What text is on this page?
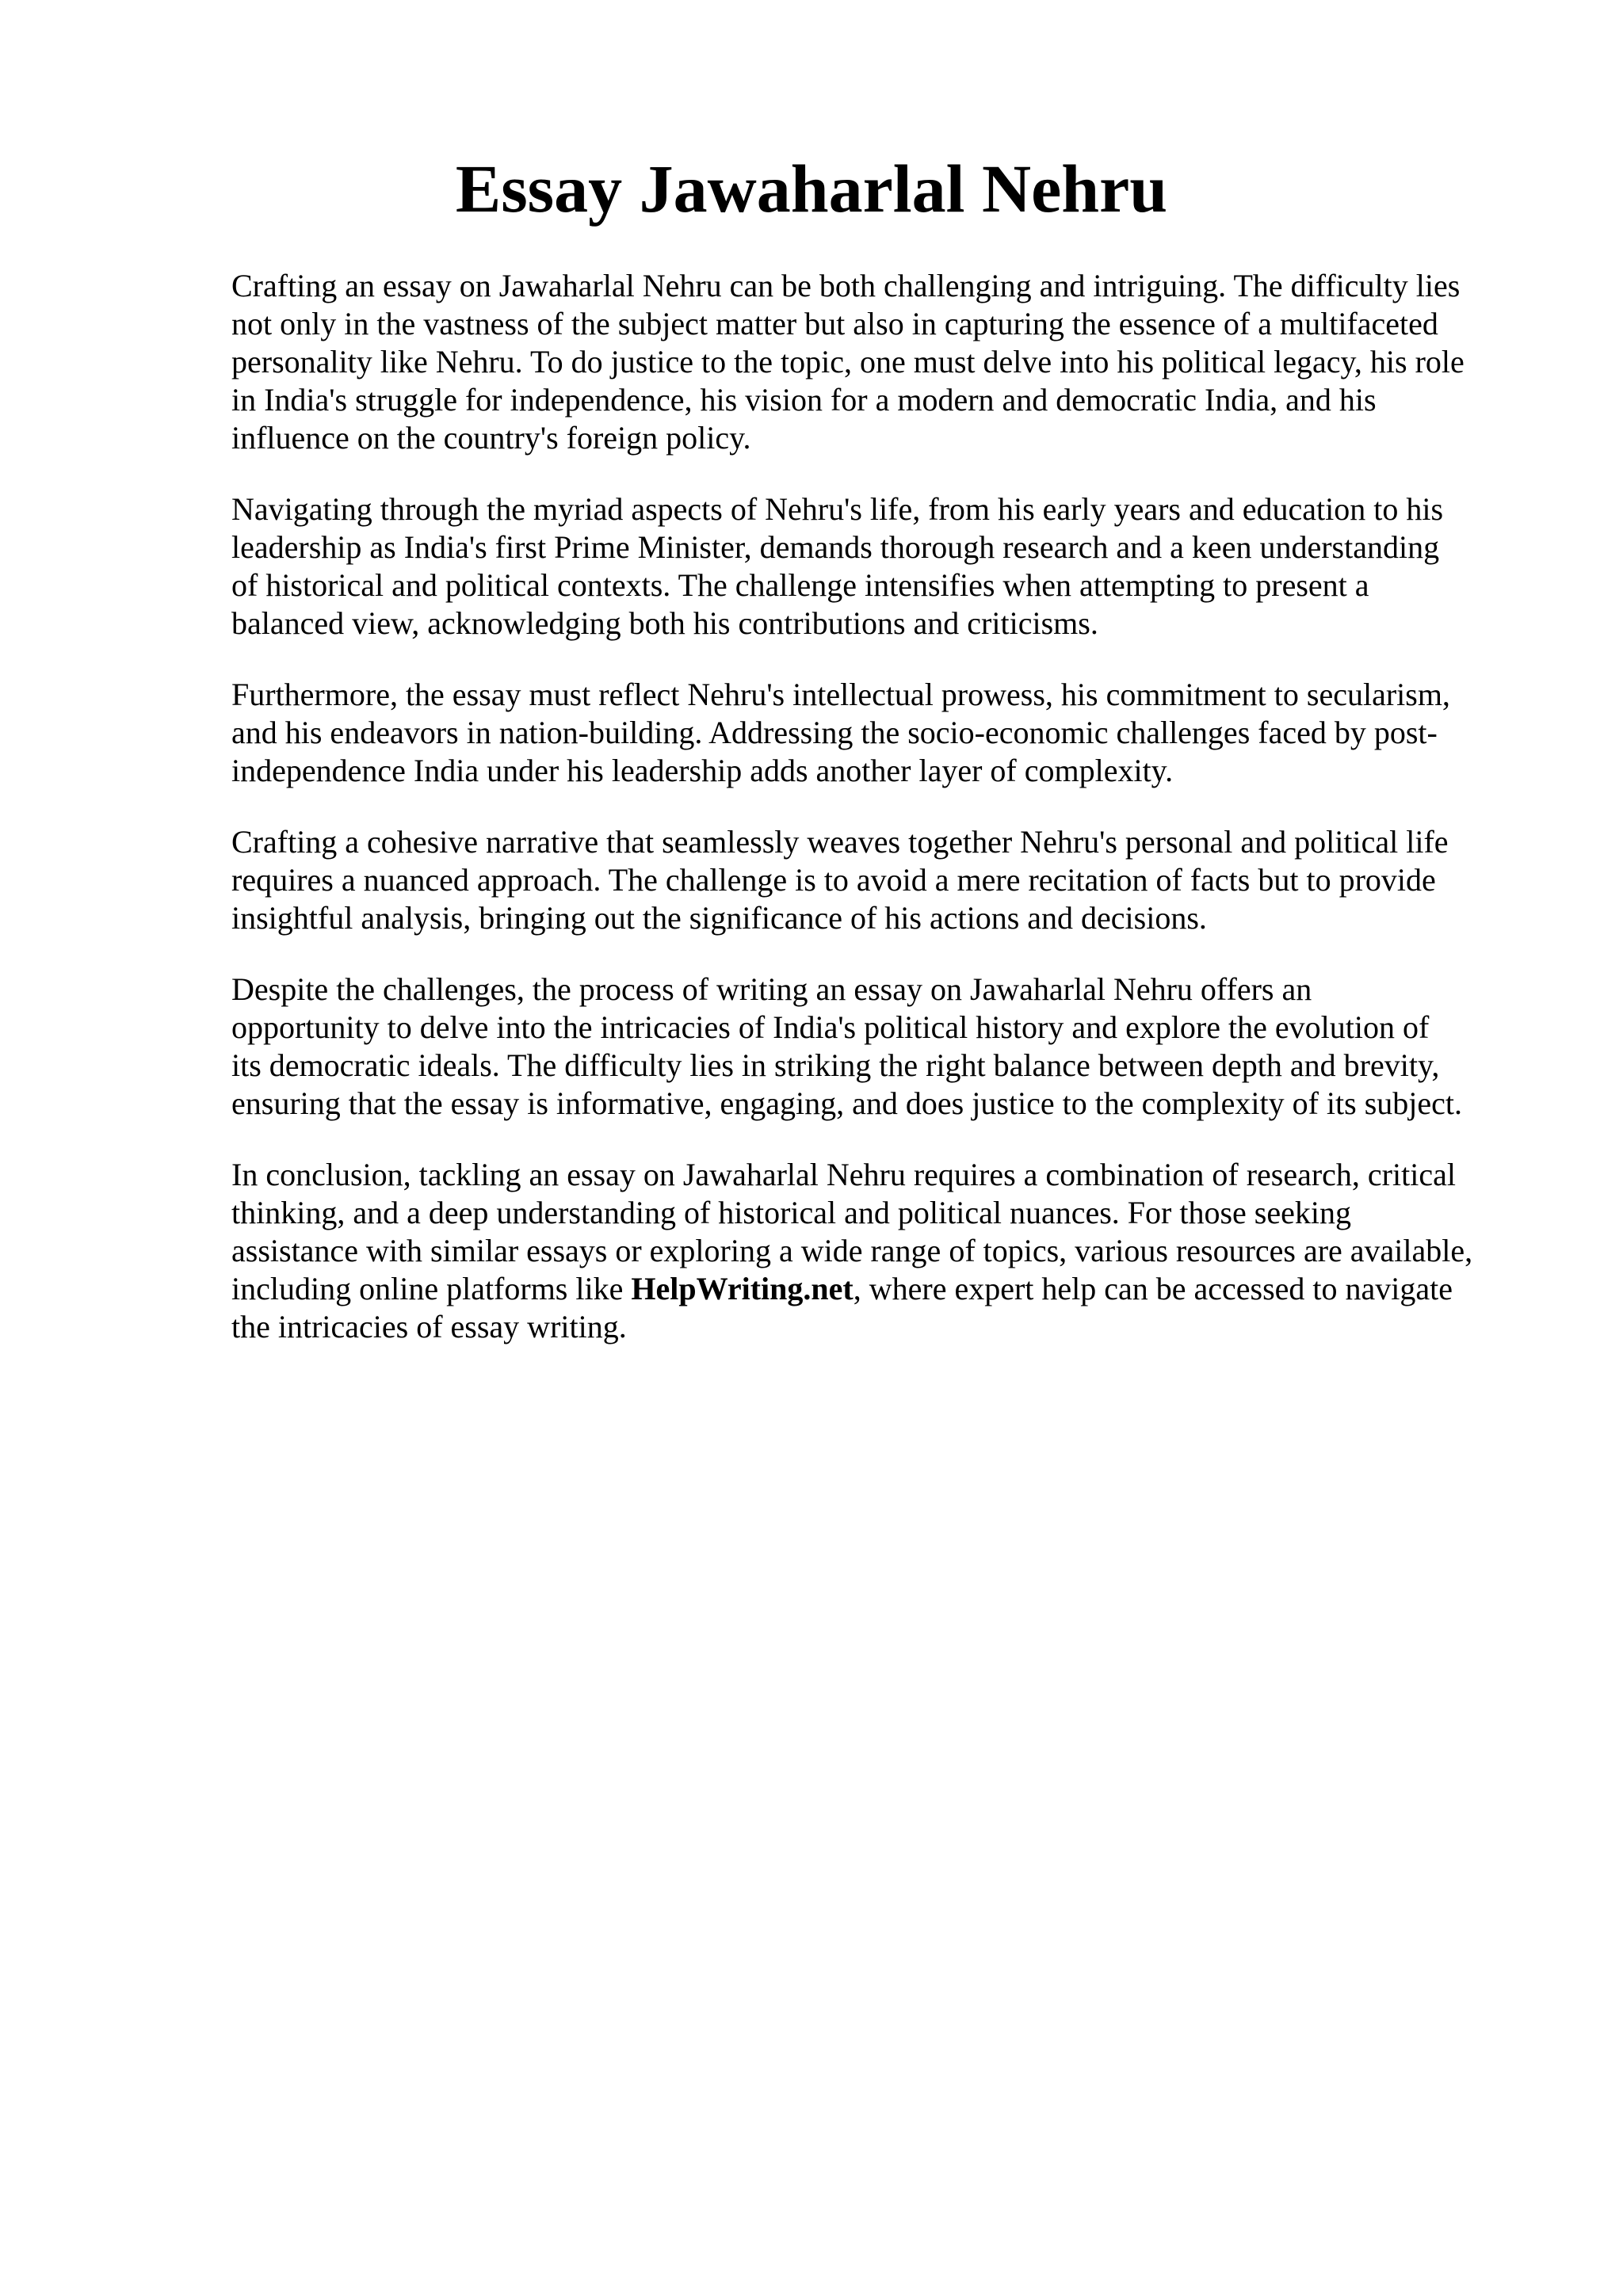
Essay Jawaharlal Nehru

Crafting an essay on Jawaharlal Nehru can be both challenging and intriguing. The difficulty lies
not only in the vastness of the subject matter but also in capturing the essence of a multifaceted
personality like Nehru. To do justice to the topic, one must delve into his political legacy, his role
in India's struggle for independence, his vision for a modern and democratic India, and his
influence on the country's foreign policy.

Navigating through the myriad aspects of Nehru's life, from his early years and education to his
leadership as India's first Prime Minister, demands thorough research and a keen understanding
of historical and political contexts. The challenge intensifies when attempting to present a
balanced view, acknowledging both his contributions and criticisms.

Furthermore, the essay must reflect Nehru's intellectual prowess, his commitment to secularism,
and his endeavors in nation-building. Addressing the socio-economic challenges faced by post-
independence India under his leadership adds another layer of complexity.

Crafting a cohesive narrative that seamlessly weaves together Nehru's personal and political life
requires a nuanced approach. The challenge is to avoid a mere recitation of facts but to provide
insightful analysis, bringing out the significance of his actions and decisions.

Despite the challenges, the process of writing an essay on Jawaharlal Nehru offers an
opportunity to delve into the intricacies of India's political history and explore the evolution of
its democratic ideals. The difficulty lies in striking the right balance between depth and brevity,
ensuring that the essay is informative, engaging, and does justice to the complexity of its subject.

In conclusion, tackling an essay on Jawaharlal Nehru requires a combination of research, critical
thinking, and a deep understanding of historical and political nuances. For those seeking
assistance with similar essays or exploring a wide range of topics, various resources are available,
including online platforms like HelpWriting.net, where expert help can be accessed to navigate
the intricacies of essay writing.
